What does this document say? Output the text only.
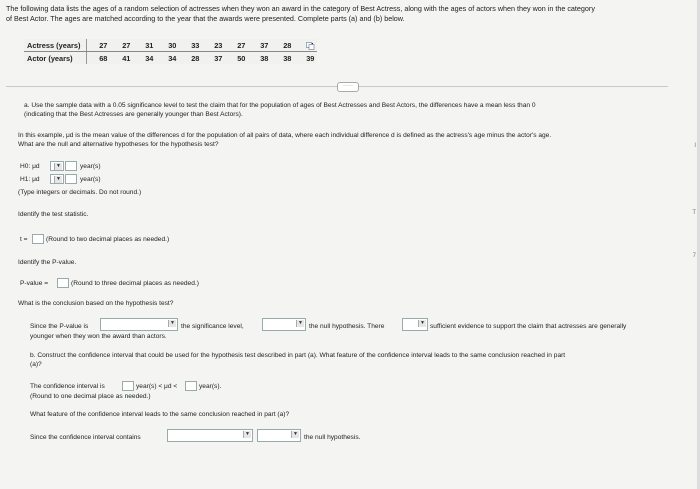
The following data lists the ages of a random selection of actresses when they won an award in the category of Best Actress, along with the ages of actors when they won in the category
of Best Actor. The ages are matched according to the year that the awards were presented. Complete parts (a) and (b) below.
Actress (years)	27	27	31	30	33	23	27	37	28	
Actor (years)	68	41	34	34	28	37	50	38	38	39
·····
a. Use the sample data with a 0.05 significance level to test the claim that for the population of ages of Best Actresses and Best Actors, the differences have a mean less than 0
(indicating that the Best Actresses are generally younger than Best Actors).
In this example, μd is the mean value of the differences d for the population of all pairs of data, where each individual difference d is defined as the actress's age minus the actor's age.
What are the null and alternative hypotheses for the hypothesis test?
H0: μd	▼	year(s)
H1: μd	▼	year(s)
(Type integers or decimals. Do not round.)
Identify the test statistic.
t =	(Round to two decimal places as needed.)
Identify the P-value.
P-value =	(Round to three decimal places as needed.)
What is the conclusion based on the hypothesis test?
Since the P-value is	▼ the significance level,	▼ the null hypothesis. There	▼ sufficient evidence to support the claim that actresses are generally
younger when they won the award than actors.
b. Construct the confidence interval that could be used for the hypothesis test described in part (a). What feature of the confidence interval leads to the same conclusion reached in part
(a)?
The confidence interval is	year(s) < μd <	year(s).
(Round to one decimal place as needed.)
What feature of the confidence interval leads to the same conclusion reached in part (a)?
Since the confidence interval contains	▼	▼ the null hypothesis.
I
T
7
